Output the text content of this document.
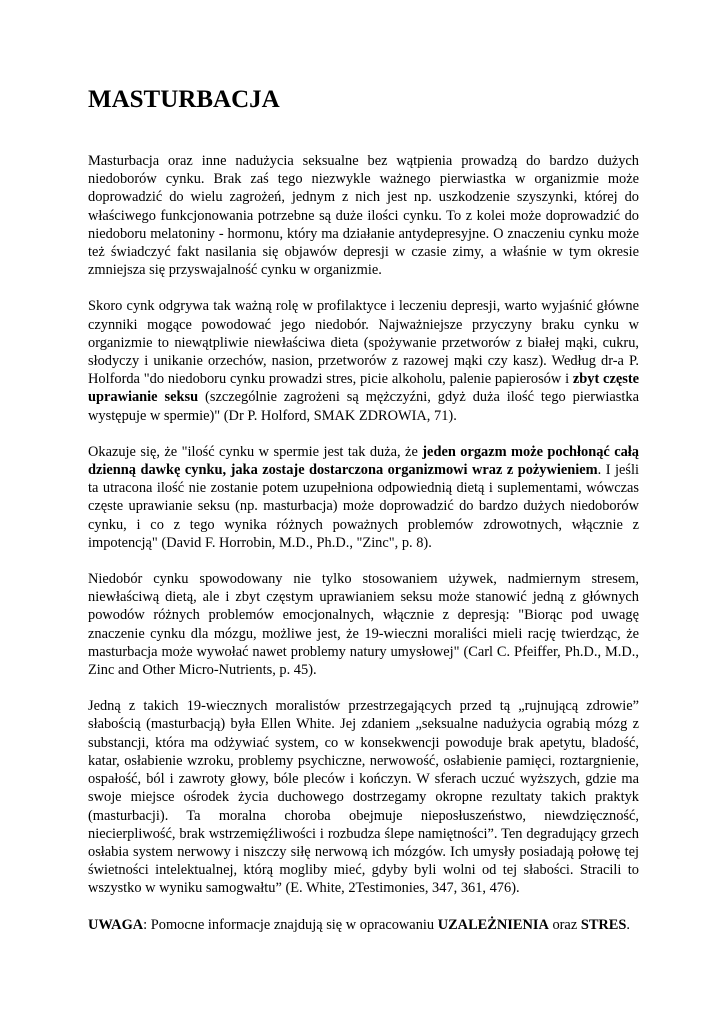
MASTURBACJA

Masturbacja oraz inne nadużycia seksualne bez wątpienia prowadzą do bardzo dużych niedoborów cynku. Brak zaś tego niezwykle ważnego pierwiastka w organizmie może doprowadzić do wielu zagrożeń, jednym z nich jest np. uszkodzenie szyszynki, której do właściwego funkcjonowania potrzebne są duże ilości cynku. To z kolei może doprowadzić do niedoboru melatoniny - hormonu, który ma działanie antydepresyjne. O znaczeniu cynku może też świadczyć fakt nasilania się objawów depresji w czasie zimy, a właśnie w tym okresie zmniejsza się przyswajalność cynku w organizmie.

Skoro cynk odgrywa tak ważną rolę w profilaktyce i leczeniu depresji, warto wyjaśnić główne czynniki mogące powodować jego niedobór. Najważniejsze przyczyny braku cynku w organizmie to niewątpliwie niewłaściwa dieta (spożywanie przetworów z białej mąki, cukru, słodyczy i unikanie orzechów, nasion, przetworów z razowej mąki czy kasz). Według dr-a P. Holforda "do niedoboru cynku prowadzi stres, picie alkoholu, palenie papierosów i zbyt częste uprawianie seksu (szczególnie zagrożeni są mężczyźni, gdyż duża ilość tego pierwiastka występuje w spermie)" (Dr P. Holford, SMAK ZDROWIA, 71).

Okazuje się, że "ilość cynku w spermie jest tak duża, że jeden orgazm może pochłonąć całą dzienną dawkę cynku, jaka zostaje dostarczona organizmowi wraz z pożywieniem. I jeśli ta utracona ilość nie zostanie potem uzupełniona odpowiednią dietą i suplementami, wówczas częste uprawianie seksu (np. masturbacja) może doprowadzić do bardzo dużych niedoborów cynku, i co z tego wynika różnych poważnych problemów zdrowotnych, włącznie z impotencją" (David F. Horrobin, M.D., Ph.D., "Zinc", p. 8).

Niedobór cynku spowodowany nie tylko stosowaniem używek, nadmiernym stresem, niewłaściwą dietą, ale i zbyt częstym uprawianiem seksu może stanowić jedną z głównych powodów różnych problemów emocjonalnych, włącznie z depresją: "Biorąc pod uwagę znaczenie cynku dla mózgu, możliwe jest, że 19-wieczni moraliści mieli rację twierdząc, że masturbacja może wywołać nawet problemy natury umysłowej" (Carl C. Pfeiffer, Ph.D., M.D., Zinc and Other Micro-Nutrients, p. 45).

Jedną z takich 19-wiecznych moralistów przestrzegających przed tą „rujnującą zdrowie” słabością (masturbacją) była Ellen White. Jej zdaniem „seksualne nadużycia ograbią mózg z substancji, która ma odżywiać system, co w konsekwencji powoduje brak apetytu, bladość, katar, osłabienie wzroku, problemy psychiczne, nerwowość, osłabienie pamięci, roztargnienie, ospałość, ból i zawroty głowy, bóle pleców i kończyn. W sferach uczuć wyższych, gdzie ma swoje miejsce ośrodek życia duchowego dostrzegamy okropne rezultaty takich praktyk (masturbacji). Ta moralna choroba obejmuje nieposłuszeństwo, niewdzięczność, niecierpliwość, brak wstrzemięźliwości i rozbudza ślepe namiętności”. Ten degradujący grzech osłabia system nerwowy i niszczy siłę nerwową ich mózgów. Ich umysły posiadają połowę tej świetności intelektualnej, którą mogliby mieć, gdyby byli wolni od tej słabości. Stracili to wszystko w wyniku samogwałtu” (E. White, 2Testimonies, 347, 361, 476).

UWAGA: Pomocne informacje znajdują się w opracowaniu UZALEŻNIENIA oraz STRES.
